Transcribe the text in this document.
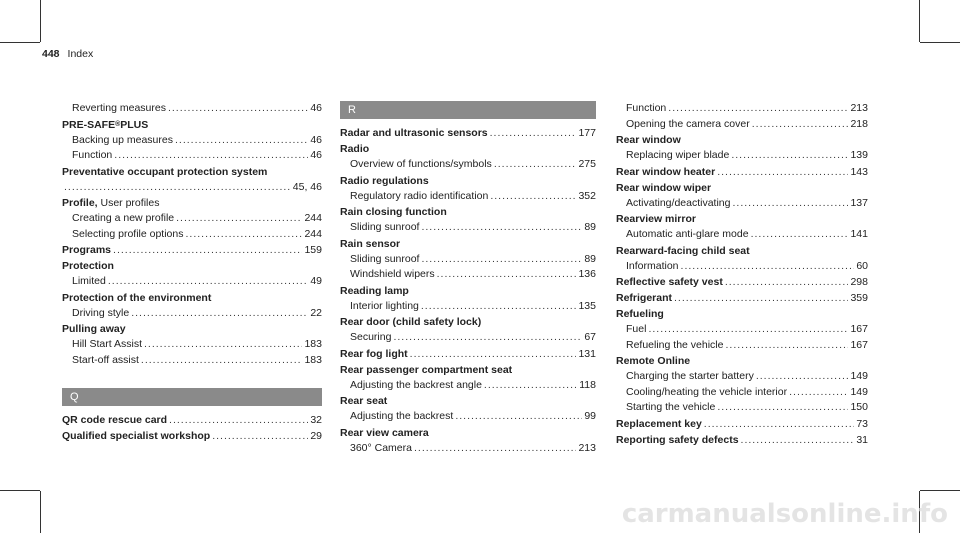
448 Index
Reverting measures .....	46
PRE-SAFE ® PLUS
Backing up measures .....	46
Function .....	46
Preventative occupant protection system
.....
45, 46
Profile, User profiles
Creating a new profile .....	244
Selecting profile options .....	244
Programs .....	159
Protection
Limited .....	49
Protection of the environment
Driving style .....	22
Pulling away
Hill Start Assist .....	183
Start-off assist .....	183
Q
QR code rescue card .....	32
Qualified specialist workshop .....	29
R
Radar and ultrasonic sensors .....	177
Radio
Overview of functions/symbols .....	275
Radio regulations
Regulatory radio identification .....	352
Rain closing function
Sliding sunroof .....	89
Rain sensor
Sliding sunroof .....	89
Windshield wipers .....	136
Reading lamp
Interior lighting .....	135
Rear door (child safety lock)
Securing .....	67
Rear fog light .....	131
Rear passenger compartment seat
Adjusting the backrest angle .....	118
Rear seat
Adjusting the backrest .....	99
Rear view camera
360° Camera .....	213
Function .....	213
Opening the camera cover .....	218
Rear window
Replacing wiper blade .....	139
Rear window heater .....	143
Rear window wiper
Activating/deactivating .....	137
Rearview mirror
Automatic anti-glare mode .....	141
Rearward-facing child seat
Information .....	60
Reflective safety vest .....	298
Refrigerant .....	359
Refueling
Fuel .....	167
Refueling the vehicle .....	167
Remote Online
Charging the starter battery .....	149
Cooling/heating the vehicle interior .....	149
Starting the vehicle .....	150
Replacement key .....	73
Reporting safety defects .....	31
carmanualsonline.info
